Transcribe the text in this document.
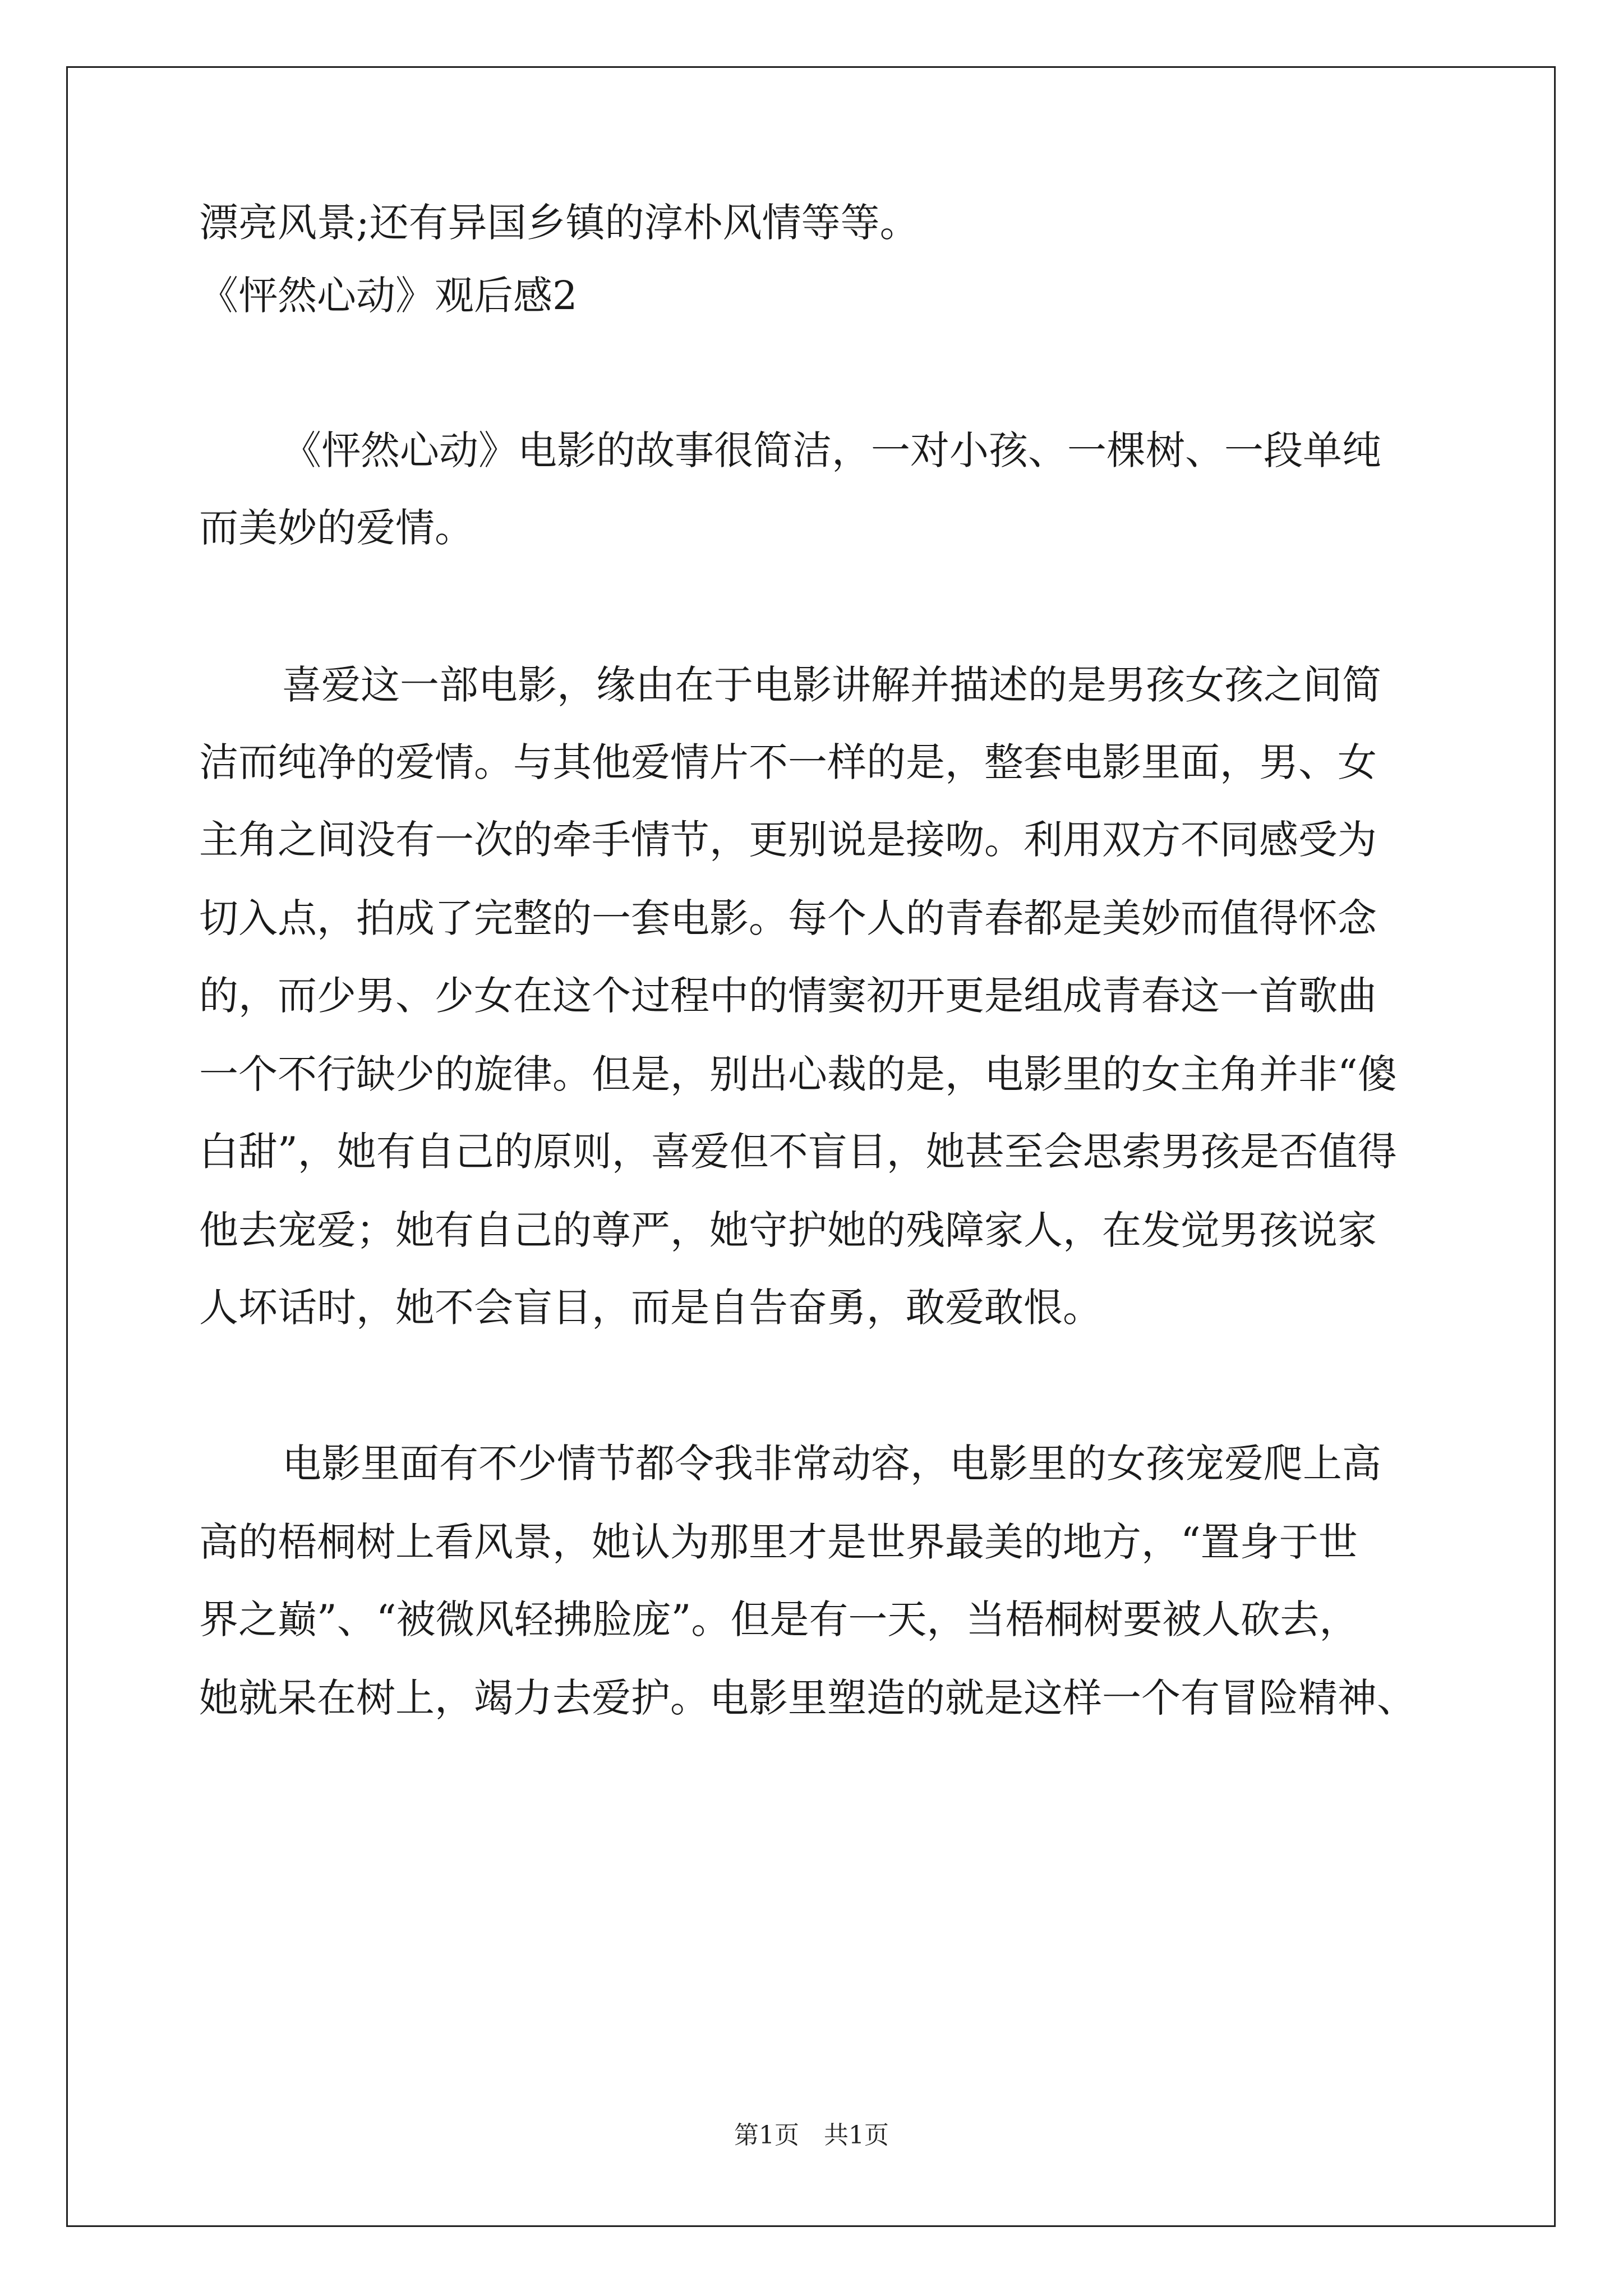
漂亮风景;还有异国乡镇的淳朴风情等等。
《怦然心动》观后感2
《怦然心动》电影的故事很简洁，一对小孩、一棵树、一段单纯
而美妙的爱情。
喜爱这一部电影，缘由在于电影讲解并描述的是男孩女孩之间简
洁而纯净的爱情。与其他爱情片不一样的是，整套电影里面，男、女
主角之间没有一次的牵手情节，更别说是接吻。利用双方不同感受为
切入点，拍成了完整的一套电影。每个人的青春都是美妙而值得怀念
的，而少男、少女在这个过程中的情窦初开更是组成青春这一首歌曲
一个不行缺少的旋律。但是，别出心裁的是，电影里的女主角并非“傻
白甜”，她有自己的原则，喜爱但不盲目，她甚至会思索男孩是否值得
他去宠爱；她有自己的尊严，她守护她的残障家人，在发觉男孩说家
人坏话时，她不会盲目，而是自告奋勇，敢爱敢恨。
电影里面有不少情节都令我非常动容，电影里的女孩宠爱爬上高
高的梧桐树上看风景，她认为那里才是世界最美的地方，“置身于世
界之巅”、“被微风轻拂脸庞”。但是有一天，当梧桐树要被人砍去，
她就呆在树上，竭力去爱护。电影里塑造的就是这样一个有冒险精神、
第1页　共1页
